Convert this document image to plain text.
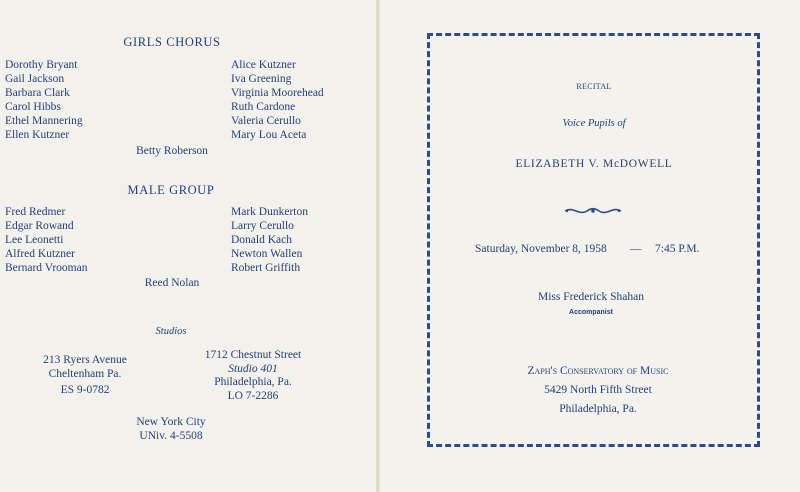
GIRLS CHORUS
Dorothy Bryant
Gail Jackson
Barbara Clark
Carol Hibbs
Ethel Mannering
Ellen Kutzner
Alice Kutzner
Iva Greening
Virginia Moorehead
Ruth Cardone
Valeria Cerullo
Mary Lou Aceta
Betty Roberson
MALE GROUP
Fred Redmer
Edgar Rowand
Lee Leonetti
Alfred Kutzner
Bernard Vrooman
Mark Dunkerton
Larry Cerullo
Donald Kach
Newton Wallen
Robert Griffith
Reed Nolan
Studios
213 Ryers Avenue
Cheltenham Pa.
ES 9-0782
1712 Chestnut Street
Studio 401
Philadelphia, Pa.
LO 7-2286
New York City
UNiv. 4-5508
RECITAL
Voice Pupils of
ELIZABETH V. McDOWELL
Saturday, November 8, 1958 — 7:45 P.M.
Miss Frederick Shahan
Accompanist
Zaph's Conservatory of Music
5429 North Fifth Street
Philadelphia, Pa.
